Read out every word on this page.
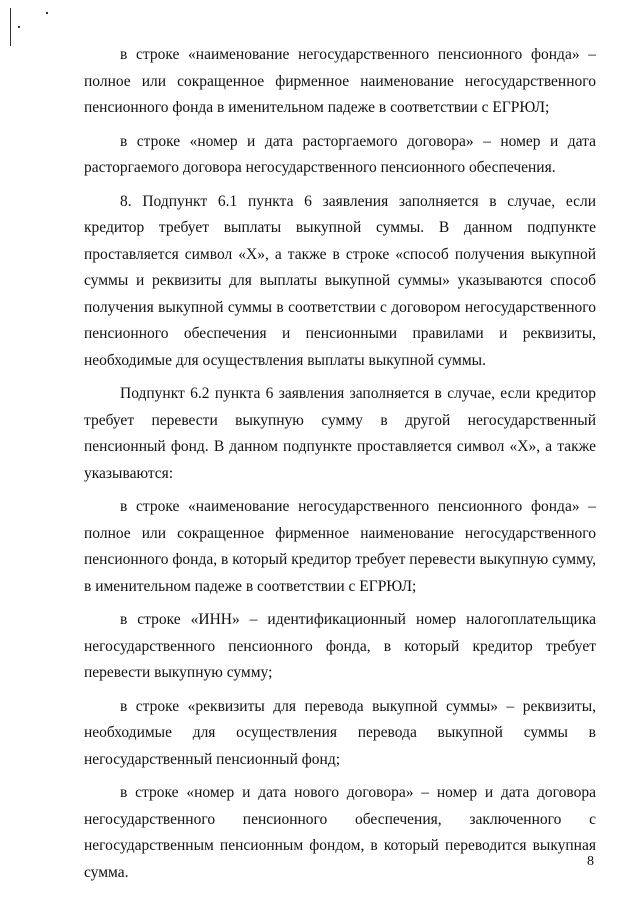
в строке «наименование негосударственного пенсионного фонда» – полное или сокращенное фирменное наименование негосударственного пенсионного фонда в именительном падеже в соответствии с ЕГРЮЛ;

в строке «номер и дата расторгаемого договора» – номер и дата расторгаемого договора негосударственного пенсионного обеспечения.

8. Подпункт 6.1 пункта 6 заявления заполняется в случае, если кредитор требует выплаты выкупной суммы. В данном подпункте проставляется символ «Х», а также в строке «способ получения выкупной суммы и реквизиты для выплаты выкупной суммы» указываются способ получения выкупной суммы в соответствии с договором негосударственного пенсионного обеспечения и пенсионными правилами и реквизиты, необходимые для осуществления выплаты выкупной суммы.

Подпункт 6.2 пункта 6 заявления заполняется в случае, если кредитор требует перевести выкупную сумму в другой негосударственный пенсионный фонд. В данном подпункте проставляется символ «Х», а также указываются:

в строке «наименование негосударственного пенсионного фонда» – полное или сокращенное фирменное наименование негосударственного пенсионного фонда, в который кредитор требует перевести выкупную сумму, в именительном падеже в соответствии с ЕГРЮЛ;

в строке «ИНН» – идентификационный номер налогоплательщика негосударственного пенсионного фонда, в который кредитор требует перевести выкупную сумму;

в строке «реквизиты для перевода выкупной суммы» – реквизиты, необходимые для осуществления перевода выкупной суммы в негосударственный пенсионный фонд;

в строке «номер и дата нового договора» – номер и дата договора негосударственного пенсионного обеспечения, заключенного с негосударственным пенсионным фондом, в который переводится выкупная сумма.

8
